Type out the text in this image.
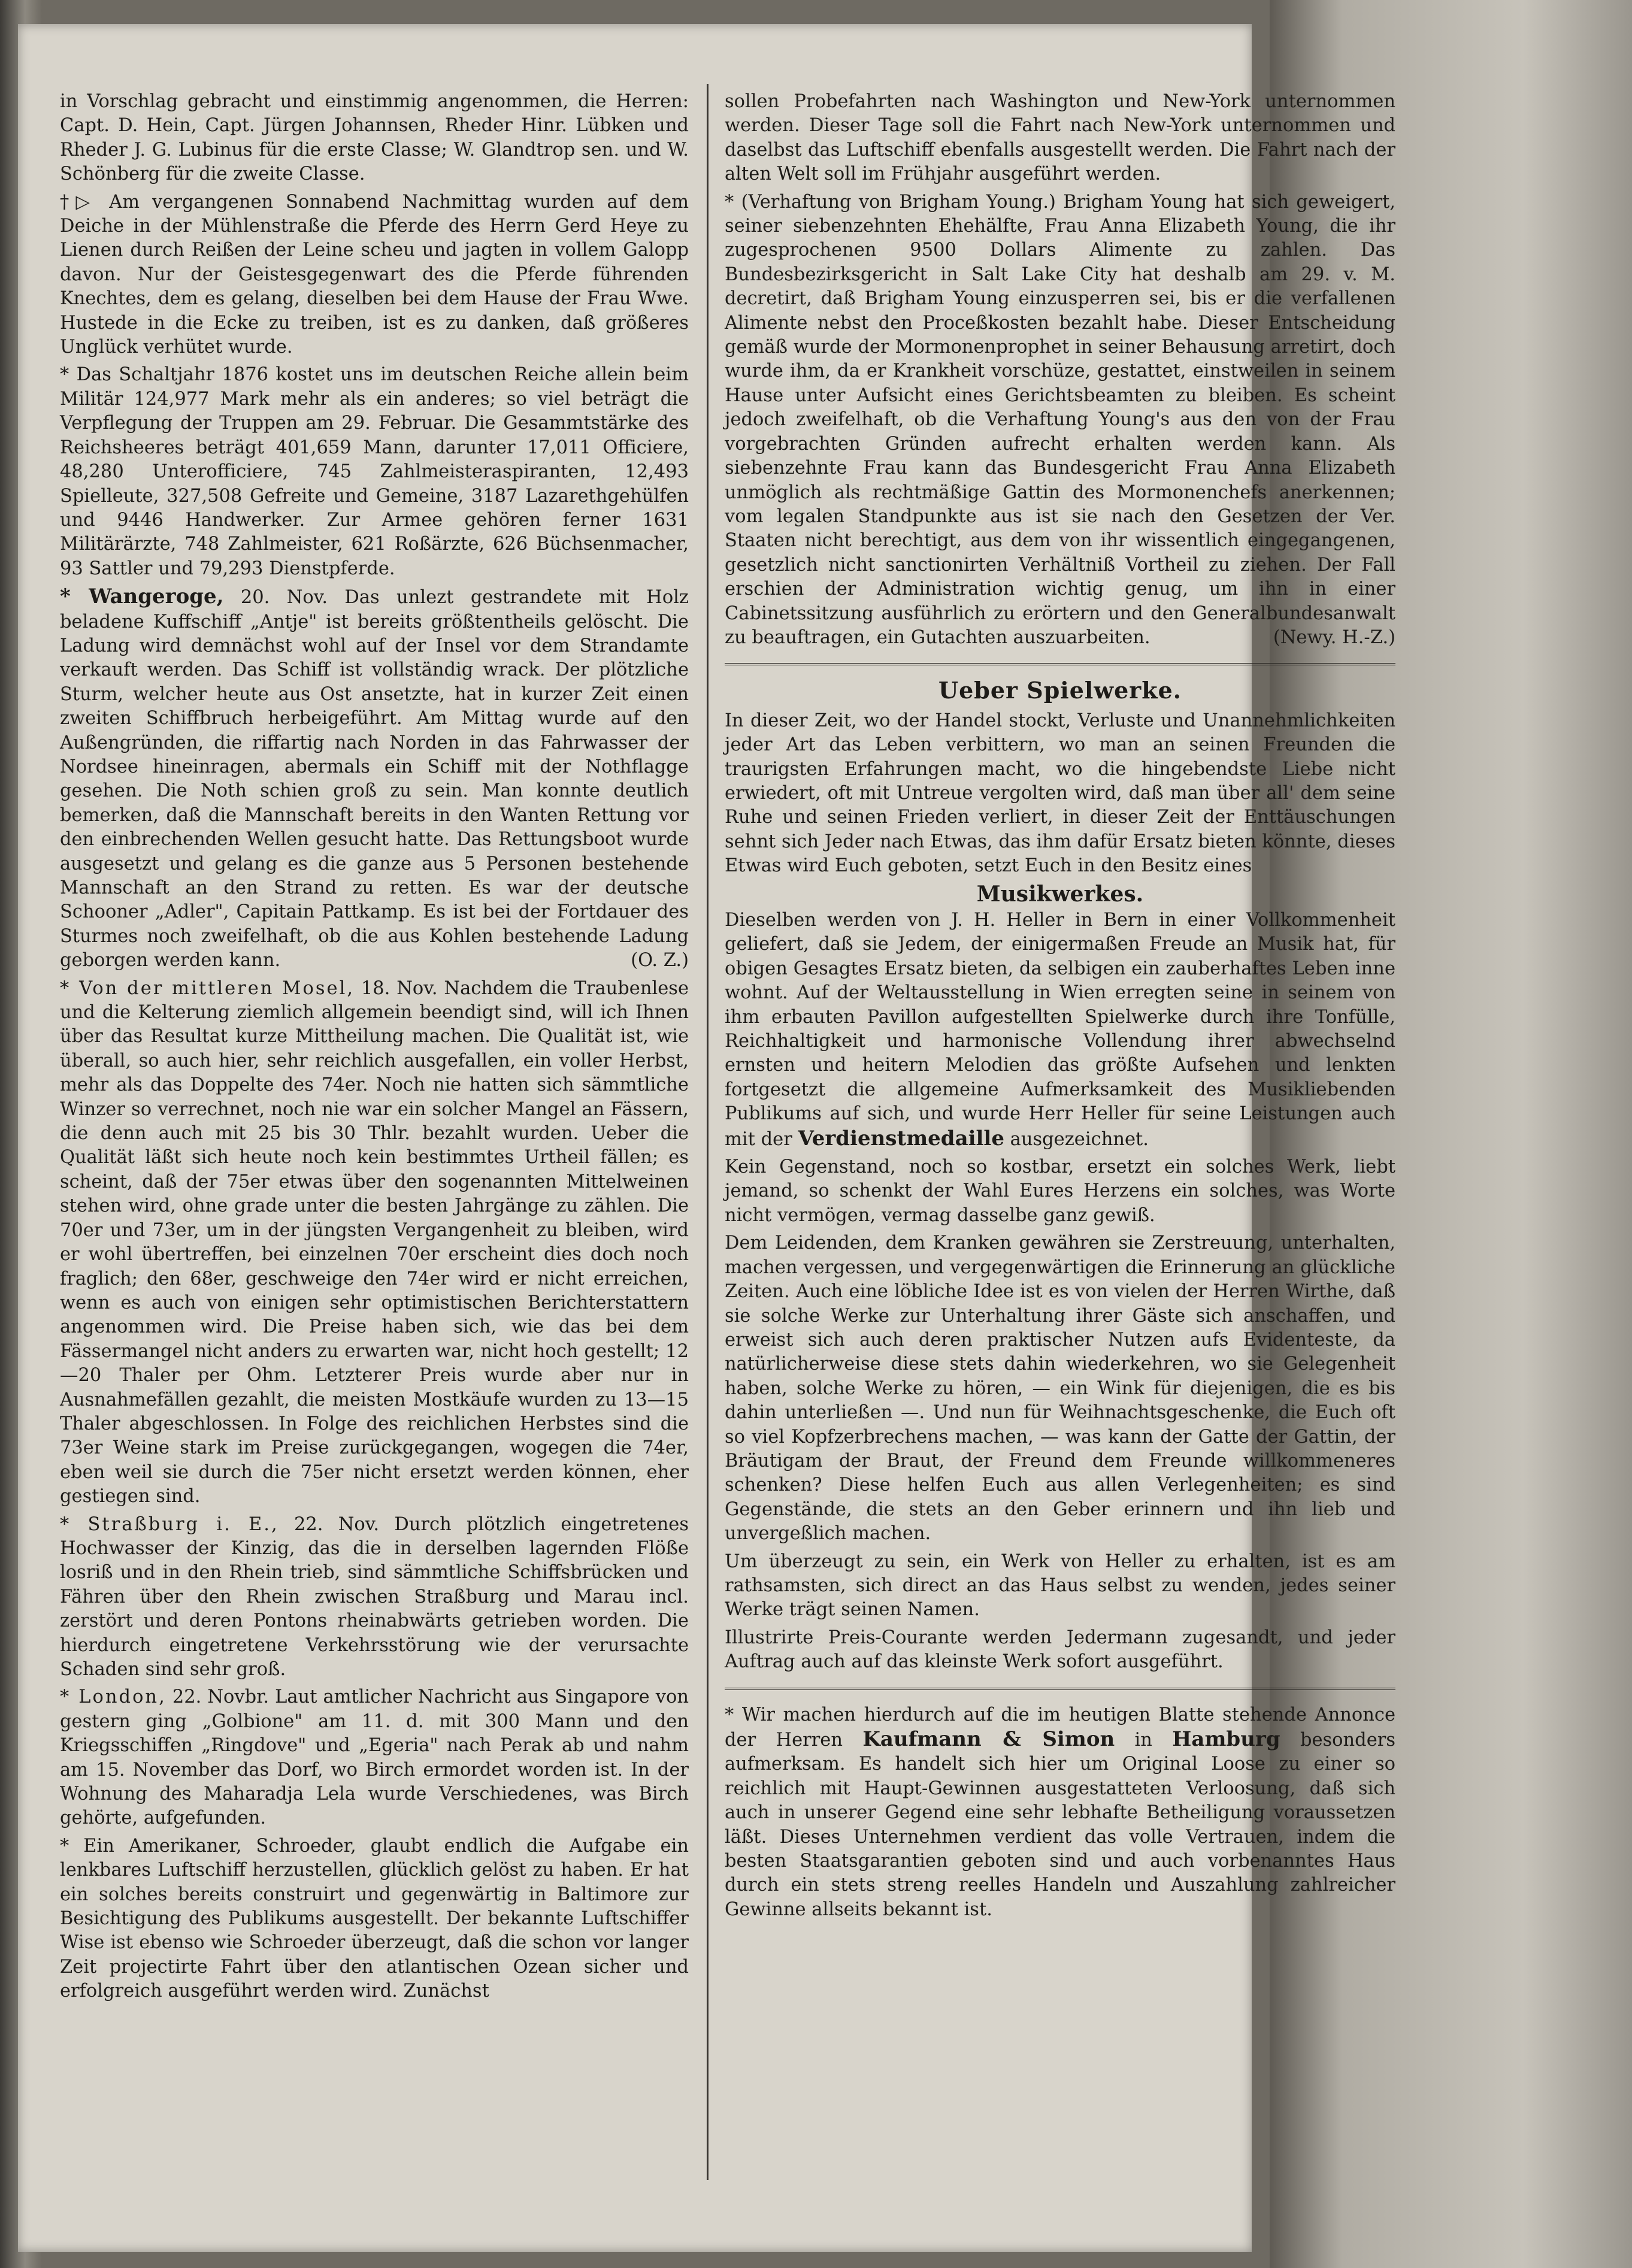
in Vorschlag gebracht und einstimmig angenommen, die Herren: Capt. D. Hein, Capt. Jürgen Johannsen, Rheder Hinr. Lübken und Rheder J. G. Lubinus für die erste Classe; W. Glandtrop sen. und W. Schönberg für die zweite Classe.

†▷ Am vergangenen Sonnabend Nachmittag wurden auf dem Deiche in der Mühlenstraße die Pferde des Herrn Gerd Heye zu Lienen durch Reißen der Leine scheu und jagten in vollem Galopp davon. Nur der Geistesgegenwart des die Pferde führenden Knechtes, dem es gelang, dieselben bei dem Hause der Frau Wwe. Hustede in die Ecke zu treiben, ist es zu danken, daß größeres Unglück verhütet wurde.

* Das Schaltjahr 1876 kostet uns im deutschen Reiche allein beim Militär 124,977 Mark mehr als ein anderes; so viel beträgt die Verpflegung der Truppen am 29. Februar. Die Gesammtstärke des Reichsheeres beträgt 401,659 Mann, darunter 17,011 Officiere, 48,280 Unterofficiere, 745 Zahlmeisteraspiranten, 12,493 Spielleute, 327,508 Gefreite und Gemeine, 3187 Lazarethgehülfen und 9446 Handwerker. Zur Armee gehören ferner 1631 Militärärzte, 748 Zahlmeister, 621 Roßärzte, 626 Büchsenmacher, 93 Sattler und 79,293 Dienstpferde.

* Wangeroge, 20. Nov. Das unlezt gestrandete mit Holz beladene Kuffschiff „Antje" ist bereits größtentheils gelöscht. Die Ladung wird demnächst wohl auf der Insel vor dem Strandamte verkauft werden. Das Schiff ist vollständig wrack. Der plötzliche Sturm, welcher heute aus Ost ansetzte, hat in kurzer Zeit einen zweiten Schiffbruch herbeigeführt. Am Mittag wurde auf den Außengründen, die riffartig nach Norden in das Fahrwasser der Nordsee hineinragen, abermals ein Schiff mit der Nothflagge gesehen. Die Noth schien groß zu sein. Man konnte deutlich bemerken, daß die Mannschaft bereits in den Wanten Rettung vor den einbrechenden Wellen gesucht hatte. Das Rettungsboot wurde ausgesetzt und gelang es die ganze aus 5 Personen bestehende Mannschaft an den Strand zu retten. Es war der deutsche Schooner „Adler", Capitain Pattkamp. Es ist bei der Fortdauer des Sturmes noch zweifelhaft, ob die aus Kohlen bestehende Ladung geborgen werden kann.	(O. Z.)

* Von der mittleren Mosel, 18. Nov. Nachdem die Traubenlese und die Kelterung ziemlich allgemein beendigt sind, will ich Ihnen über das Resultat kurze Mittheilung machen. Die Qualität ist, wie überall, so auch hier, sehr reichlich ausgefallen, ein voller Herbst, mehr als das Doppelte des 74er. Noch nie hatten sich sämmtliche Winzer so verrechnet, noch nie war ein solcher Mangel an Fässern, die denn auch mit 25 bis 30 Thlr. bezahlt wurden. Ueber die Qualität läßt sich heute noch kein bestimmtes Urtheil fällen; es scheint, daß der 75er etwas über den sogenannten Mittelweinen stehen wird, ohne grade unter die besten Jahrgänge zu zählen. Die 70er und 73er, um in der jüngsten Vergangenheit zu bleiben, wird er wohl übertreffen, bei einzelnen 70er erscheint dies doch noch fraglich; den 68er, geschweige den 74er wird er nicht erreichen, wenn es auch von einigen sehr optimistischen Berichterstattern angenommen wird. Die Preise haben sich, wie das bei dem Fässermangel nicht anders zu erwarten war, nicht hoch gestellt; 12—20 Thaler per Ohm. Letzterer Preis wurde aber nur in Ausnahmefällen gezahlt, die meisten Mostkäufe wurden zu 13—15 Thaler abgeschlossen. In Folge des reichlichen Herbstes sind die 73er Weine stark im Preise zurückgegangen, wogegen die 74er, eben weil sie durch die 75er nicht ersetzt werden können, eher gestiegen sind.

* Straßburg i. E., 22. Nov. Durch plötzlich eingetretenes Hochwasser der Kinzig, das die in derselben lagernden Flöße losriß und in den Rhein trieb, sind sämmtliche Schiffsbrücken und Fähren über den Rhein zwischen Straßburg und Marau incl. zerstört und deren Pontons rheinabwärts getrieben worden. Die hierdurch eingetretene Verkehrsstörung wie der verursachte Schaden sind sehr groß.

* London, 22. Novbr. Laut amtlicher Nachricht aus Singapore von gestern ging „Golbione" am 11. d. mit 300 Mann und den Kriegsschiffen „Ringdove" und „Egeria" nach Perak ab und nahm am 15. November das Dorf, wo Birch ermordet worden ist. In der Wohnung des Maharadja Lela wurde Verschiedenes, was Birch gehörte, aufgefunden.

* Ein Amerikaner, Schroeder, glaubt endlich die Aufgabe ein lenkbares Luftschiff herzustellen, glücklich gelöst zu haben. Er hat ein solches bereits construirt und gegenwärtig in Baltimore zur Besichtigung des Publikums ausgestellt. Der bekannte Luftschiffer Wise ist ebenso wie Schroeder überzeugt, daß die schon vor langer Zeit projectirte Fahrt über den atlantischen Ozean sicher und erfolgreich ausgeführt werden wird. Zunächst

sollen Probefahrten nach Washington und New-York unternommen werden. Dieser Tage soll die Fahrt nach New-York unternommen und daselbst das Luftschiff ebenfalls ausgestellt werden. Die Fahrt nach der alten Welt soll im Frühjahr ausgeführt werden.

* (Verhaftung von Brigham Young.) Brigham Young hat sich geweigert, seiner siebenzehnten Ehehälfte, Frau Anna Elizabeth Young, die ihr zugesprochenen 9500 Dollars Alimente zu zahlen. Das Bundesbezirksgericht in Salt Lake City hat deshalb am 29. v. M. decretirt, daß Brigham Young einzusperren sei, bis er die verfallenen Alimente nebst den Proceßkosten bezahlt habe. Dieser Entscheidung gemäß wurde der Mormonenprophet in seiner Behausung arretirt, doch wurde ihm, da er Krankheit vorschüze, gestattet, einstweilen in seinem Hause unter Aufsicht eines Gerichtsbeamten zu bleiben. Es scheint jedoch zweifelhaft, ob die Verhaftung Young's aus den von der Frau vorgebrachten Gründen aufrecht erhalten werden kann. Als siebenzehnte Frau kann das Bundesgericht Frau Anna Elizabeth unmöglich als rechtmäßige Gattin des Mormonenchefs anerkennen; vom legalen Standpunkte aus ist sie nach den Gesetzen der Ver. Staaten nicht berechtigt, aus dem von ihr wissentlich eingegangenen, gesetzlich nicht sanctionirten Verhältniß Vortheil zu ziehen. Der Fall erschien der Administration wichtig genug, um ihn in einer Cabinetssitzung ausführlich zu erörtern und den Generalbundesanwalt zu beauftragen, ein Gutachten auszuarbeiten.	(Newy. H.-Z.)

Ueber Spielwerke.

In dieser Zeit, wo der Handel stockt, Verluste und Unannehmlichkeiten jeder Art das Leben verbittern, wo man an seinen Freunden die traurigsten Erfahrungen macht, wo die hingebendste Liebe nicht erwiedert, oft mit Untreue vergolten wird, daß man über all' dem seine Ruhe und seinen Frieden verliert, in dieser Zeit der Enttäuschungen sehnt sich Jeder nach Etwas, das ihm dafür Ersatz bieten könnte, dieses Etwas wird Euch geboten, setzt Euch in den Besitz eines

Musikwerkes.

Dieselben werden von J. H. Heller in Bern in einer Vollkommenheit geliefert, daß sie Jedem, der einigermaßen Freude an Musik hat, für obigen Gesagtes Ersatz bieten, da selbigen ein zauberhaftes Leben inne wohnt. Auf der Weltausstellung in Wien erregten seine in seinem von ihm erbauten Pavillon aufgestellten Spielwerke durch ihre Tonfülle, Reichhaltigkeit und harmonische Vollendung ihrer abwechselnd ernsten und heitern Melodien das größte Aufsehen und lenkten fortgesetzt die allgemeine Aufmerksamkeit des Musikliebenden Publikums auf sich, und wurde Herr Heller für seine Leistungen auch mit der Verdienstmedaille ausgezeichnet.

Kein Gegenstand, noch so kostbar, ersetzt ein solches Werk, liebt jemand, so schenkt der Wahl Eures Herzens ein solches, was Worte nicht vermögen, vermag dasselbe ganz gewiß.

Dem Leidenden, dem Kranken gewähren sie Zerstreuung, unterhalten, machen vergessen, und vergegenwärtigen die Erinnerung an glückliche Zeiten. Auch eine löbliche Idee ist es von vielen der Herren Wirthe, daß sie solche Werke zur Unterhaltung ihrer Gäste sich anschaffen, und erweist sich auch deren praktischer Nutzen aufs Evidenteste, da natürlicherweise diese stets dahin wiederkehren, wo sie Gelegenheit haben, solche Werke zu hören, — ein Wink für diejenigen, die es bis dahin unterließen —. Und nun für Weihnachtsgeschenke, die Euch oft so viel Kopfzerbrechens machen, — was kann der Gatte der Gattin, der Bräutigam der Braut, der Freund dem Freunde willkommeneres schenken? Diese helfen Euch aus allen Verlegenheiten; es sind Gegenstände, die stets an den Geber erinnern und ihn lieb und unvergeßlich machen.

Um überzeugt zu sein, ein Werk von Heller zu erhalten, ist es am rathsamsten, sich direct an das Haus selbst zu wenden, jedes seiner Werke trägt seinen Namen.

Illustrirte Preis-Courante werden Jedermann zugesandt, und jeder Auftrag auch auf das kleinste Werk sofort ausgeführt.

* Wir machen hierdurch auf die im heutigen Blatte stehende Annonce der Herren Kaufmann & Simon in Hamburg besonders aufmerksam. Es handelt sich hier um Original Loose zu einer so reichlich mit Haupt-Gewinnen ausgestatteten Verloosung, daß sich auch in unserer Gegend eine sehr lebhafte Betheiligung voraussetzen läßt. Dieses Unternehmen verdient das volle Vertrauen, indem die besten Staatsgarantien geboten sind und auch vorbenanntes Haus durch ein stets streng reelles Handeln und Auszahlung zahlreicher Gewinne allseits bekannt ist.
